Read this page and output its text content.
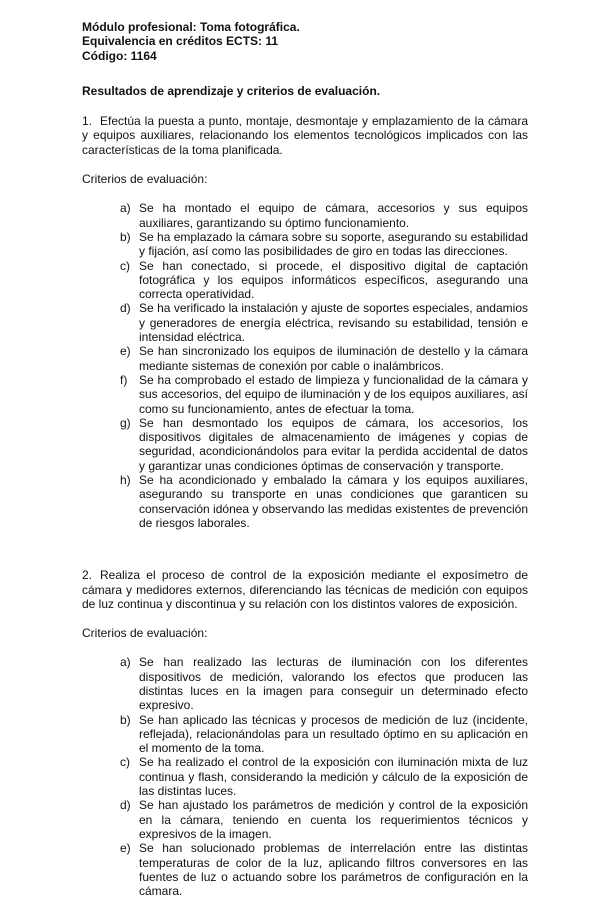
Módulo profesional: Toma fotográfica.

Equivalencia en créditos ECTS: 11

Código: 1164

Resultados de aprendizaje y criterios de evaluación.

1. Efectúa la puesta a punto, montaje, desmontaje y emplazamiento de la cámara y equipos auxiliares, relacionando los elementos tecnológicos implicados con las características de la toma planificada.

Criterios de evaluación:

a) Se ha montado el equipo de cámara, accesorios y sus equipos auxiliares, garantizando su óptimo funcionamiento.
b) Se ha emplazado la cámara sobre su soporte, asegurando su estabilidad y fijación, así como las posibilidades de giro en todas las direcciones.
c) Se han conectado, si procede, el dispositivo digital de captación fotográfica y los equipos informáticos específicos, asegurando una correcta operatividad.
d) Se ha verificado la instalación y ajuste de soportes especiales, andamios y generadores de energía eléctrica, revisando su estabilidad, tensión e intensidad eléctrica.
e) Se han sincronizado los equipos de iluminación de destello y la cámara mediante sistemas de conexión por cable o inalámbricos.
f) Se ha comprobado el estado de limpieza y funcionalidad de la cámara y sus accesorios, del equipo de iluminación y de los equipos auxiliares, así como su funcionamiento, antes de efectuar la toma.
g) Se han desmontado los equipos de cámara, los accesorios, los dispositivos digitales de almacenamiento de imágenes y copias de seguridad, acondicionándolos para evitar la perdida accidental de datos y garantizar unas condiciones óptimas de conservación y transporte.
h) Se ha acondicionado y embalado la cámara y los equipos auxiliares, asegurando su transporte en unas condiciones que garanticen su conservación idónea y observando las medidas existentes de prevención de riesgos laborales.

2. Realiza el proceso de control de la exposición mediante el exposímetro de cámara y medidores externos, diferenciando las técnicas de medición con equipos de luz continua y discontinua y su relación con los distintos valores de exposición.

Criterios de evaluación:

a) Se han realizado las lecturas de iluminación con los diferentes dispositivos de medición, valorando los efectos que producen las distintas luces en la imagen para conseguir un determinado efecto expresivo.
b) Se han aplicado las técnicas y procesos de medición de luz (incidente, reflejada), relacionándolas para un resultado óptimo en su aplicación en el momento de la toma.
c) Se ha realizado el control de la exposición con iluminación mixta de luz continua y flash, considerando la medición y cálculo de la exposición de las distintas luces.
d) Se han ajustado los parámetros de medición y control de la exposición en la cámara, teniendo en cuenta los requerimientos técnicos y expresivos de la imagen.
e) Se han solucionado problemas de interrelación entre las distintas temperaturas de color de la luz, aplicando filtros conversores en las fuentes de luz o actuando sobre los parámetros de configuración en la cámara.
